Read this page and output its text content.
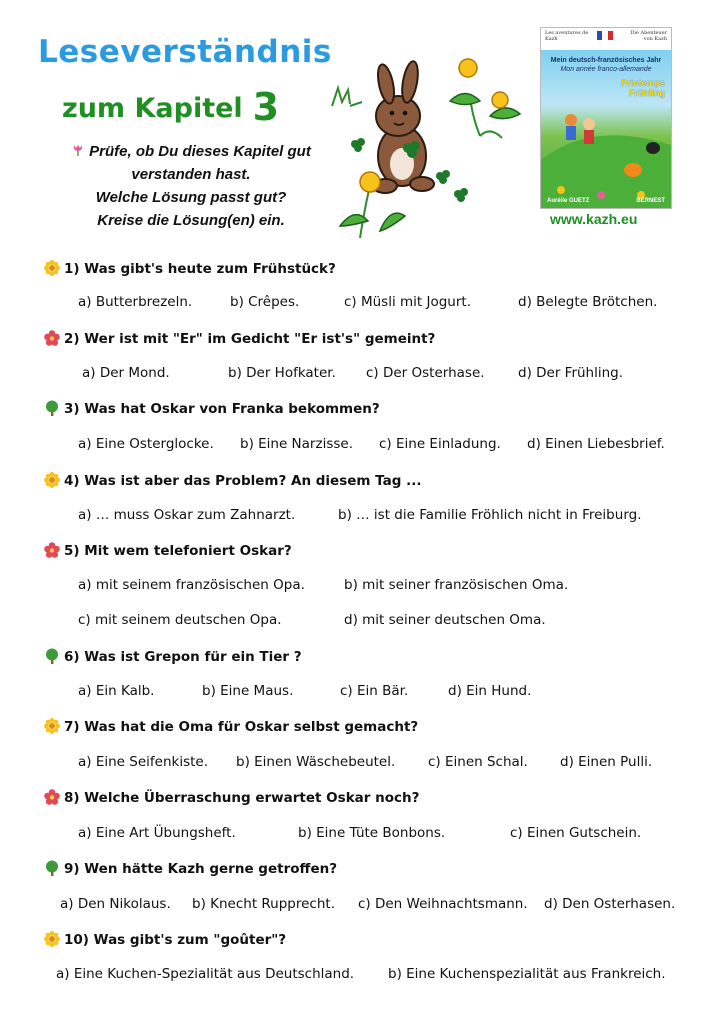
Leseverständnis
zum Kapitel 3
Prüfe, ob Du dieses Kapitel gut
verstanden hast.
Welche Lösung passt gut?
Kreise die Lösung(en) ein.
Les aventures de Kazh
Die Abenteuer von Kazh
Mein deutsch-französisches Jahr
Mon année franco-allemande
Printemps
Frühling
Aurélie GUETZ	BERNEST
www.kazh.eu
1) Was gibt's heute zum Frühstück?
a) Butterbrezeln.	b) Crêpes.	c) Müsli mit Jogurt.	d) Belegte Brötchen.
2) Wer ist mit "Er" im Gedicht "Er ist's" gemeint?
a) Der Mond.	b) Der Hofkater. c) Der Osterhase. d) Der Frühling.
3) Was hat Oskar von Franka bekommen?
a) Eine Osterglocke. b) Eine Narzisse. c) Eine Einladung. d) Einen Liebesbrief.
4) Was ist aber das Problem? An diesem Tag ...
a) … muss Oskar zum Zahnarzt.	b) … ist die Familie Fröhlich nicht in Freiburg.
5) Mit wem telefoniert Oskar?
a) mit seinem französischen Opa.	b) mit seiner französischen Oma.
c) mit seinem deutschen Opa.	d) mit seiner deutschen Oma.
6) Was ist Grepon für ein Tier ?
a) Ein Kalb.	b) Eine Maus.	c) Ein Bär.	d) Ein Hund.
7) Was hat die Oma für Oskar selbst gemacht?
a) Eine Seifenkiste. b) Einen Wäschebeutel. c) Einen Schal. d) Einen Pulli.
8) Welche Überraschung erwartet Oskar noch?
a) Eine Art Übungsheft.	b) Eine Tüte Bonbons.	c) Einen Gutschein.
9) Wen hätte Kazh gerne getroffen?
a) Den Nikolaus. b) Knecht Rupprecht. c) Den Weihnachtsmann. d) Den Osterhasen.
10) Was gibt's zum "goûter"?
a) Eine Kuchen-Spezialität aus Deutschland.	b) Eine Kuchenspezialität aus Frankreich.
